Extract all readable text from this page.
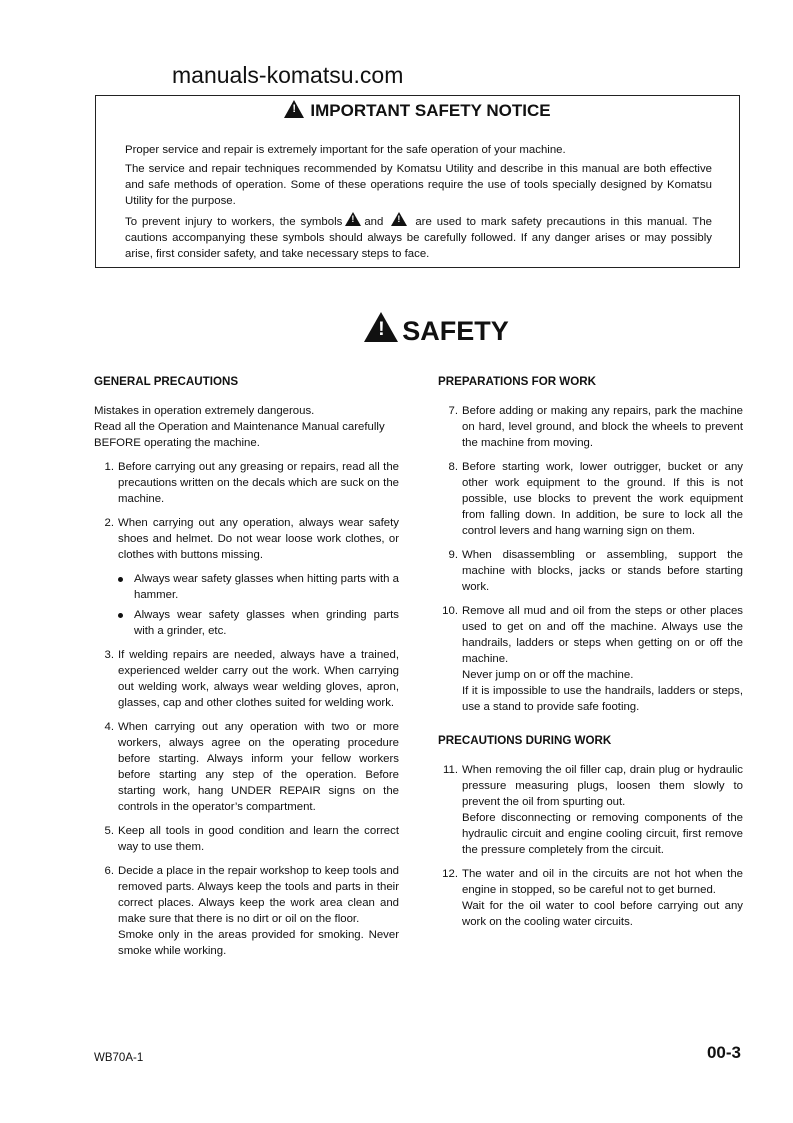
manuals-komatsu.com
!IMPORTANT SAFETY NOTICE

Proper service and repair is extremely important for the safe operation of your machine.

The service and repair techniques recommended by Komatsu Utility and describe in this manual are both effective and safe methods of operation. Some of these operations require the use of tools specially designed by Komatsu Utility for the purpose.

To prevent injury to workers, the symbols ! and !	are used to mark safety precautions in this manual. The cautions accompanying these symbols should always be carefully followed. If any danger arises or may possibly arise, first consider safety, and take necessary steps to face.

!SAFETY
GENERAL PRECAUTIONS

Mistakes in operation extremely dangerous.
Read all the Operation and Maintenance Manual carefully BEFORE operating the machine.

1. Before carrying out any greasing or repairs, read all the precautions written on the decals which are suck on the machine.

2. When carrying out any operation, always wear safety shoes and helmet. Do not wear loose work clothes, or clothes with buttons missing.

Always wear safety glasses when hitting parts with a hammer.
Always wear safety glasses when grinding parts with a grinder, etc.
3. If welding repairs are needed, always have a trained, experienced welder carry out the work. When carrying out welding work, always wear welding gloves, apron, glasses, cap and other clothes suited for welding work.

4. When carrying out any operation with two or more workers, always agree on the operating procedure before starting. Always inform your fellow workers before starting any step of the operation. Before starting work, hang UNDER REPAIR signs on the controls in the operator’s compartment.

5. Keep all tools in good condition and learn the correct way to use them.

6. Decide a place in the repair workshop to keep tools and removed parts. Always keep the tools and parts in their correct places. Always keep the work area clean and make sure that there is no dirt or oil on the floor.

Smoke only in the areas provided for smoking. Never smoke while working.

PREPARATIONS FOR WORK
7. Before adding or making any repairs, park the machine on hard, level ground, and block the wheels to prevent the machine from moving.

8. Before starting work, lower outrigger, bucket or any other work equipment to the ground. If this is not possible, use blocks to prevent the work equipment from falling down. In addition, be sure to lock all the control levers and hang warning sign on them.

9. When disassembling or assembling, support the machine with blocks, jacks or stands before starting work.

10. Remove all mud and oil from the steps or other places used to get on and off the machine. Always use the handrails, ladders or steps when getting on or off the machine.

Never jump on or off the machine.

If it is impossible to use the handrails, ladders or steps, use a stand to provide safe footing.

PRECAUTIONS DURING WORK
11. When removing the oil filler cap, drain plug or hydraulic pressure measuring plugs, loosen them slowly to prevent the oil from spurting out.

Before disconnecting or removing components of the hydraulic circuit and engine cooling circuit, first remove the pressure completely from the circuit.

12. The water and oil in the circuits are not hot when the engine in stopped, so be careful not to get burned.

Wait for the oil water to cool before carrying out any work on the cooling water circuits.

WB70A-1	00-3
